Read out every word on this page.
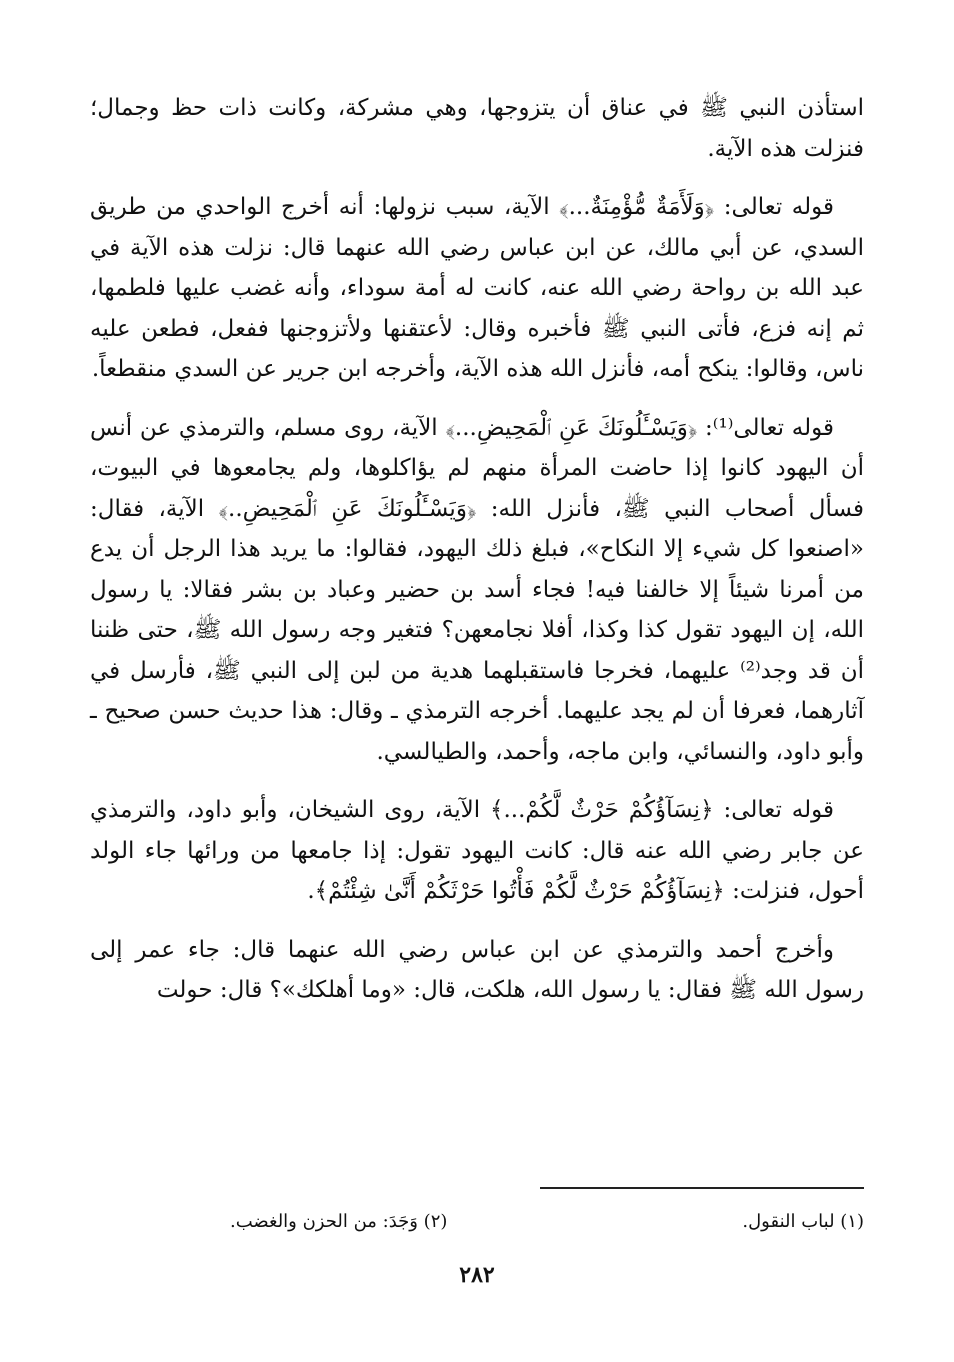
استأذن النبي ﷺ في عناق أن يتزوجها، وهي مشركة، وكانت ذات حظ وجمال؛ فنزلت هذه الآية.

قوله تعالى: ﴿وَلَأَمَةٌ مُّؤْمِنَةٌ...﴾ الآية، سبب نزولها: أنه أخرج الواحدي من طريق السدي، عن أبي مالك، عن ابن عباس رضي الله عنهما قال: نزلت هذه الآية في عبد الله بن رواحة رضي الله عنه، كانت له أمة سوداء، وأنه غضب عليها فلطمها، ثم إنه فزع، فأتى النبي ﷺ فأخبره وقال: لأعتقنها ولأتزوجنها ففعل، فطعن عليه ناس، وقالوا: ينكح أمه، فأنزل الله هذه الآية، وأخرجه ابن جرير عن السدي منقطعاً.

قوله تعالى⁽¹⁾: ﴿وَيَسْـَٔلُونَكَ عَنِ ٱلْمَحِيضِ...﴾ الآية، روى مسلم، والترمذي عن أنس أن اليهود كانوا إذا حاضت المرأة منهم لم يؤاكلوها، ولم يجامعوها في البيوت، فسأل أصحاب النبي ﷺ، فأنزل الله: ﴿وَيَسْـَٔلُونَكَ عَنِ ٱلْمَحِيضِ..﴾ الآية، فقال: «اصنعوا كل شيء إلا النكاح»، فبلغ ذلك اليهود، فقالوا: ما يريد هذا الرجل أن يدع من أمرنا شيئاً إلا خالفنا فيه! فجاء أسد بن حضير وعباد بن بشر فقالا: يا رسول الله، إن اليهود تقول كذا وكذا، أفلا نجامعهن؟ فتغير وجه رسول الله ﷺ، حتى ظننا أن قد وجد⁽²⁾ عليهما، فخرجا فاستقبلهما هدية من لبن إلى النبي ﷺ، فأرسل في آثارهما، فعرفا أن لم يجد عليهما. أخرجه الترمذي ـ وقال: هذا حديث حسن صحيح ـ وأبو داود، والنسائي، وابن ماجه، وأحمد، والطيالسي.

قوله تعالى: ﴿نِسَآؤُكُمْ حَرْثٌ لَّكُمْ...﴾ الآية، روى الشيخان، وأبو داود، والترمذي عن جابر رضي الله عنه قال: كانت اليهود تقول: إذا جامعها من ورائها جاء الولد أحول، فنزلت: ﴿نِسَآؤُكُمْ حَرْثٌ لَّكُمْ فَأْتُوا حَرْثَكُمْ أَنَّىٰ شِئْتُمْ﴾.

وأخرج أحمد والترمذي عن ابن عباس رضي الله عنهما قال: جاء عمر إلى رسول الله ﷺ فقال: يا رسول الله، هلكت، قال: «وما أهلكك»؟ قال: حولت

(١) لباب النقول.
(٢) وَجَدَ: من الحزن والغضب.
٢٨٢
